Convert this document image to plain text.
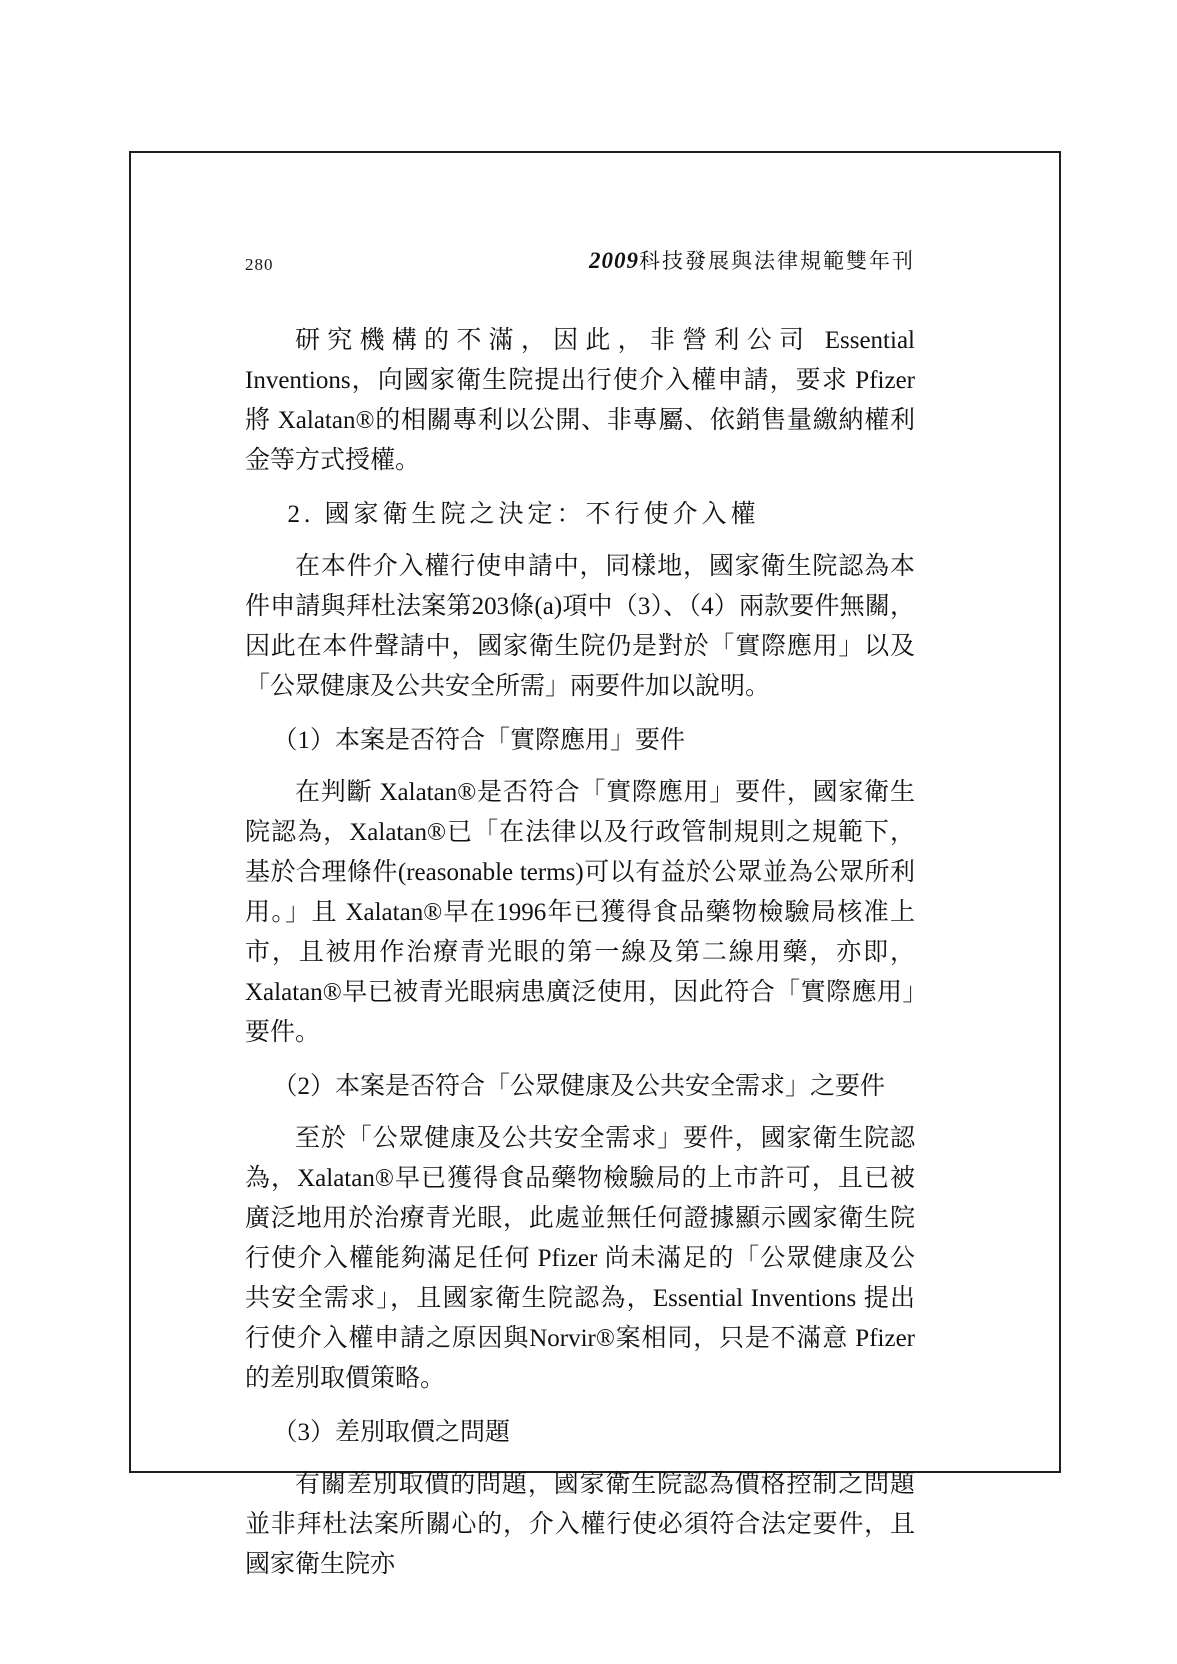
280	2009科技發展與法律規範雙年刊

研究機構的不滿，因此，非營利公司 Essential Inventions，向國家衛生院提出行使介入權申請，要求 Pfizer 將 Xalatan®的相關專利以公開、非專屬、依銷售量繳納權利金等方式授權。

2. 國家衛生院之決定：不行使介入權

在本件介入權行使申請中，同樣地，國家衛生院認為本件申請與拜杜法案第203條(a)項中（3）、（4）兩款要件無關，因此在本件聲請中，國家衛生院仍是對於「實際應用」以及「公眾健康及公共安全所需」兩要件加以說明。

（1）本案是否符合「實際應用」要件

在判斷 Xalatan®是否符合「實際應用」要件，國家衛生院認為，Xalatan®已「在法律以及行政管制規則之規範下，基於合理條件(reasonable terms)可以有益於公眾並為公眾所利用。」且 Xalatan®早在1996年已獲得食品藥物檢驗局核准上市，且被用作治療青光眼的第一線及第二線用藥，亦即，Xalatan®早已被青光眼病患廣泛使用，因此符合「實際應用」要件。

（2）本案是否符合「公眾健康及公共安全需求」之要件

至於「公眾健康及公共安全需求」要件，國家衛生院認為，Xalatan®早已獲得食品藥物檢驗局的上市許可，且已被廣泛地用於治療青光眼，此處並無任何證據顯示國家衛生院行使介入權能夠滿足任何 Pfizer 尚未滿足的「公眾健康及公共安全需求」，且國家衛生院認為，Essential Inventions 提出行使介入權申請之原因與Norvir®案相同，只是不滿意 Pfizer 的差別取價策略。

（3）差別取價之問題

有關差別取價的問題，國家衛生院認為價格控制之問題並非拜杜法案所關心的，介入權行使必須符合法定要件，且國家衛生院亦
